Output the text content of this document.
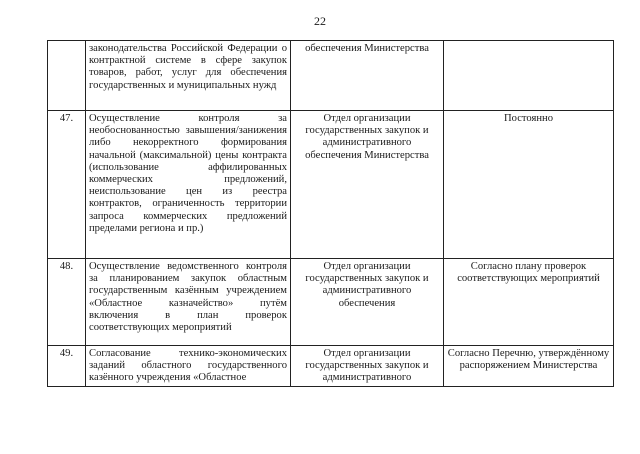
22
	законодательства Российской Федерации о контрактной системе в сфере закупок товаров, работ, услуг для обеспечения государственных и муниципальных нужд	обеспечения Министерства	
47.	Осуществление контроля за необоснованностью завышения/занижения либо некорректного формирования начальной (максимальной) цены контракта (использование аффилированных коммерческих предложений, неиспользование цен из реестра контрактов, ограниченность территории запроса коммерческих предложений пределами региона и пр.)	Отдел организации государственных закупок и административного обеспечения Министерства	Постоянно
48.	Осуществление ведомственного контроля за планированием закупок областным государственным казённым учреждением «Областное казначейство» путём включения в план проверок соответствующих мероприятий	Отдел организации государственных закупок и административного обеспечения	Согласно плану проверок соответствующих мероприятий
49.	Согласование технико-экономических заданий областного государственного казённого учреждения «Областное	Отдел организации государственных закупок и административного	Согласно Перечню, утверждённому распоряжением Министерства
